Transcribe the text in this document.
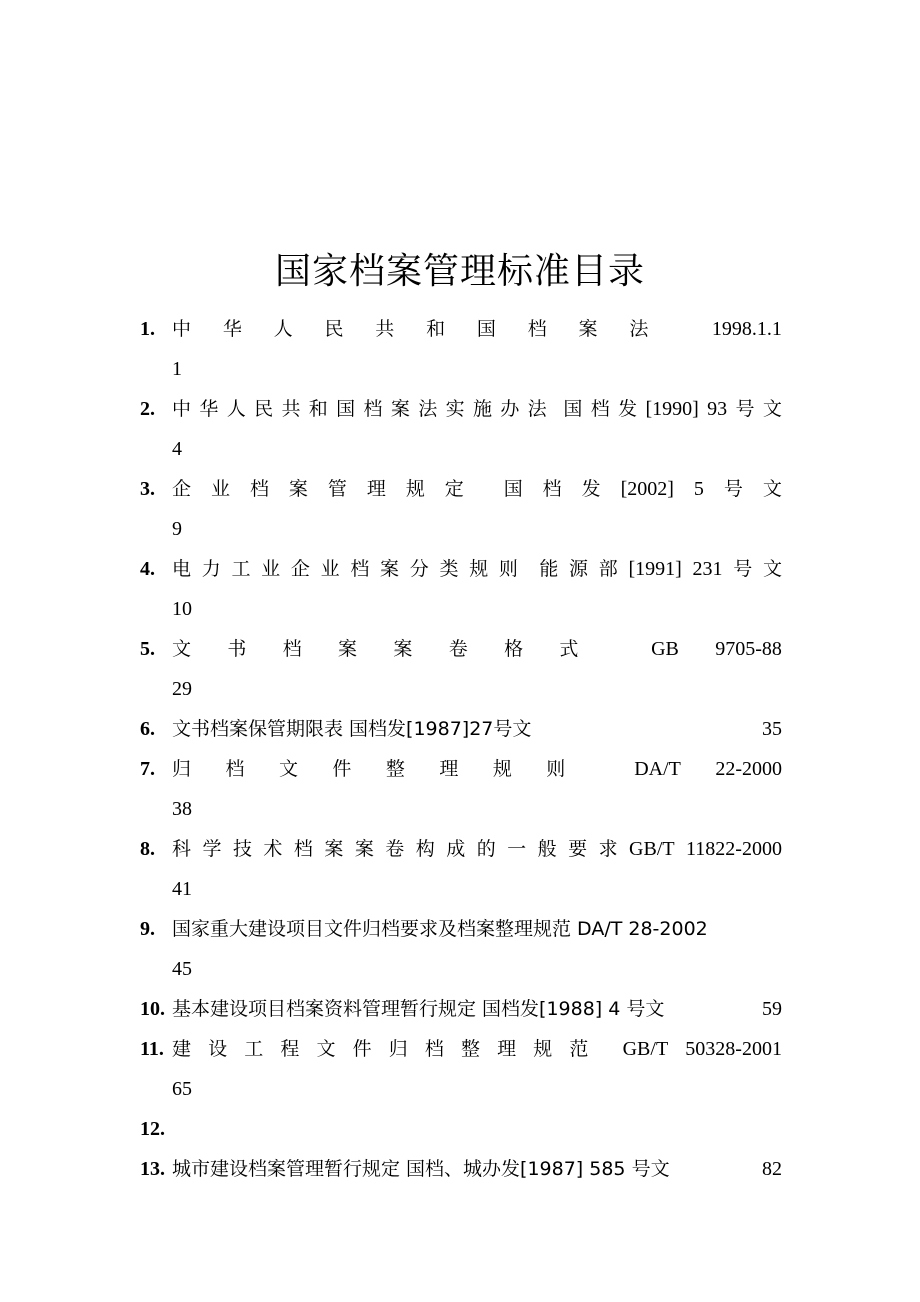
国家档案管理标准目录
1. 中 华 人 民 共 和 国 档 案 法	1998.1.1
1
2. 中 华 人 民 共 和 国 档 案 法 实 施 办 法 国 档 发 [1990] 93 号 文
4
3. 企 业 档 案 管 理 规 定 国 档 发 [2002] 5 号 文
9
4. 电 力 工 业 企 业 档 案 分 类 规 则 能 源 部 [1991] 231 号 文
10
5. 文 书 档 案 案 卷 格 式	GB 9705-88
29
6. 文书档案保管期限表 国档发[1987]27号文	35
7. 归 档 文 件 整 理 规 则	DA/T 22-2000
38
8. 科 学 技 术 档 案 案 卷 构 成 的 一 般 要 求 GB/T 11822-2000
41
9. 国家重大建设项目文件归档要求及档案整理规范 DA/T 28-2002
45
10. 基本建设项目档案资料管理暂行规定 国档发[1988] 4 号文	59
11. 建 设 工 程 文 件 归 档 整 理 规 范 GB/T 50328-2001
65
12.
13. 城市建设档案管理暂行规定 国档、城办发[1987] 585 号文	82
